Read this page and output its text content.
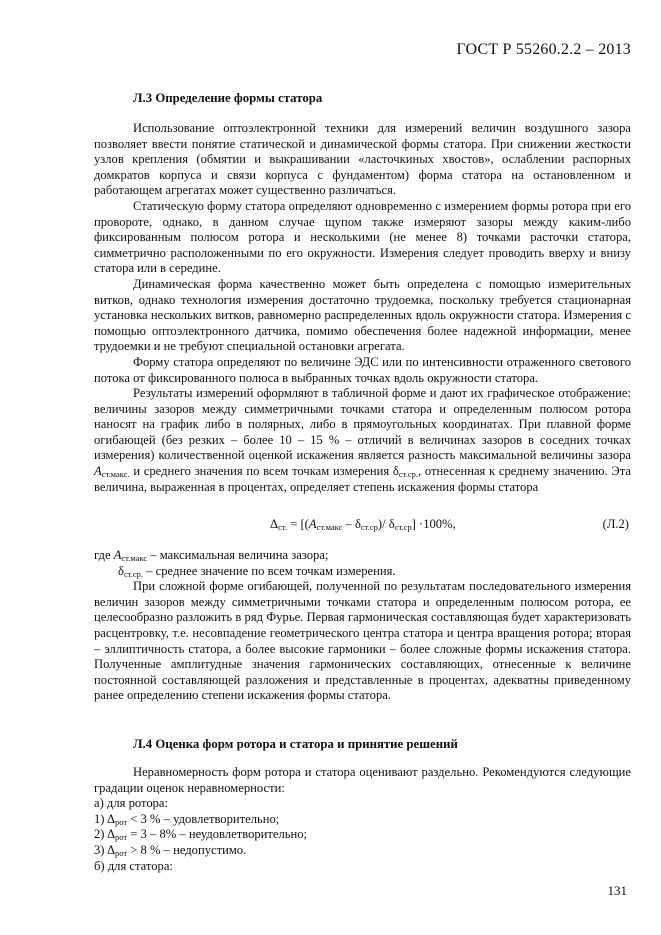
ГОСТ Р 55260.2.2 – 2013
Л.3 Определение формы статора

Использование оптоэлектронной техники для измерений величин воздушного зазора позволяет ввести понятие статической и динамической формы статора. При снижении жесткости узлов крепления (обмятии и выкрашивании «ласточкиных хвостов», ослаблении распорных домкратов корпуса и связи корпуса с фундаментом) форма статора на остановленном и работающем агрегатах может существенно различаться.

Статическую форму статора определяют одновременно с измерением формы ротора при его провороте, однако, в данном случае щупом также измеряют зазоры между каким-либо фиксированным полюсом ротора и несколькими (не менее 8) точками расточки статора, симметрично расположенными по его окружности. Измерения следует проводить вверху и внизу статора или в середине.

Динамическая форма качественно может быть определена с помощью измерительных витков, однако технология измерения достаточно трудоемка, поскольку требуется стационарная установка нескольких витков, равномерно распределенных вдоль окружности статора. Измерения с помощью оптоэлектронного датчика, помимо обеспечения более надежной информации, менее трудоемки и не требуют специальной остановки агрегата.

Форму статора определяют по величине ЭДС или по интенсивности отраженного светового потока от фиксированного полюса в выбранных точках вдоль окружности статора.

Результаты измерений оформляют в табличной форме и дают их графическое отображение: величины зазоров между симметричными точками статора и определенным полюсом ротора наносят на график либо в полярных, либо в прямоугольных координатах. При плавной форме огибающей (без резких – более 10 – 15 % – отличий в величинах зазоров в соседних точках измерения) количественной оценкой искажения является разность максимальной величины зазора $A_{ст.макс.}$ и среднего значения по всем точкам измерения $\delta_{ст.ср.}$, отнесенная к среднему значению. Эта величина, выраженная в процентах, определяет степень искажения формы статора

$\Delta_{ст.} = [(A_{ст.макс} - \delta_{ст.ср})/$ $\delta_{ст.ср}] \cdot 100\%$,	(Л.2)
где $A_{ст.макс}$ – максимальная величина зазора;
$\delta_{ст.ср.}$ – среднее значение по всем точкам измерения.

При сложной форме огибающей, полученной по результатам последовательного измерения величин зазоров между симметричными точками статора и определенным полюсом ротора, ее целесообразно разложить в ряд Фурье. Первая гармоническая составляющая будет характеризовать расцентровку, т.е. несовпадение геометрического центра статора и центра вращения ротора; вторая – эллиптичность статора, а более высокие гармоники – более сложные формы искажения статора. Полученные амплитудные значения гармонических составляющих, отнесенные к величине постоянной составляющей разложения и представленные в процентах, адекватны приведенному ранее определению степени искажения формы статора.

Л.4 Оценка форм ротора и статора и принятие решений

Неравномерность форм ротора и статора оценивают раздельно. Рекомендуются следующие градации оценок неравномерности:

а) для ротора:
1) $\Delta_{рот} < 3$ % – удовлетворительно;
2) $\Delta_{рот} = 3 - 8\%$ – неудовлетворительно;
3) $\Delta_{рот} > 8$ % – недопустимо.
б) для статора:
131
